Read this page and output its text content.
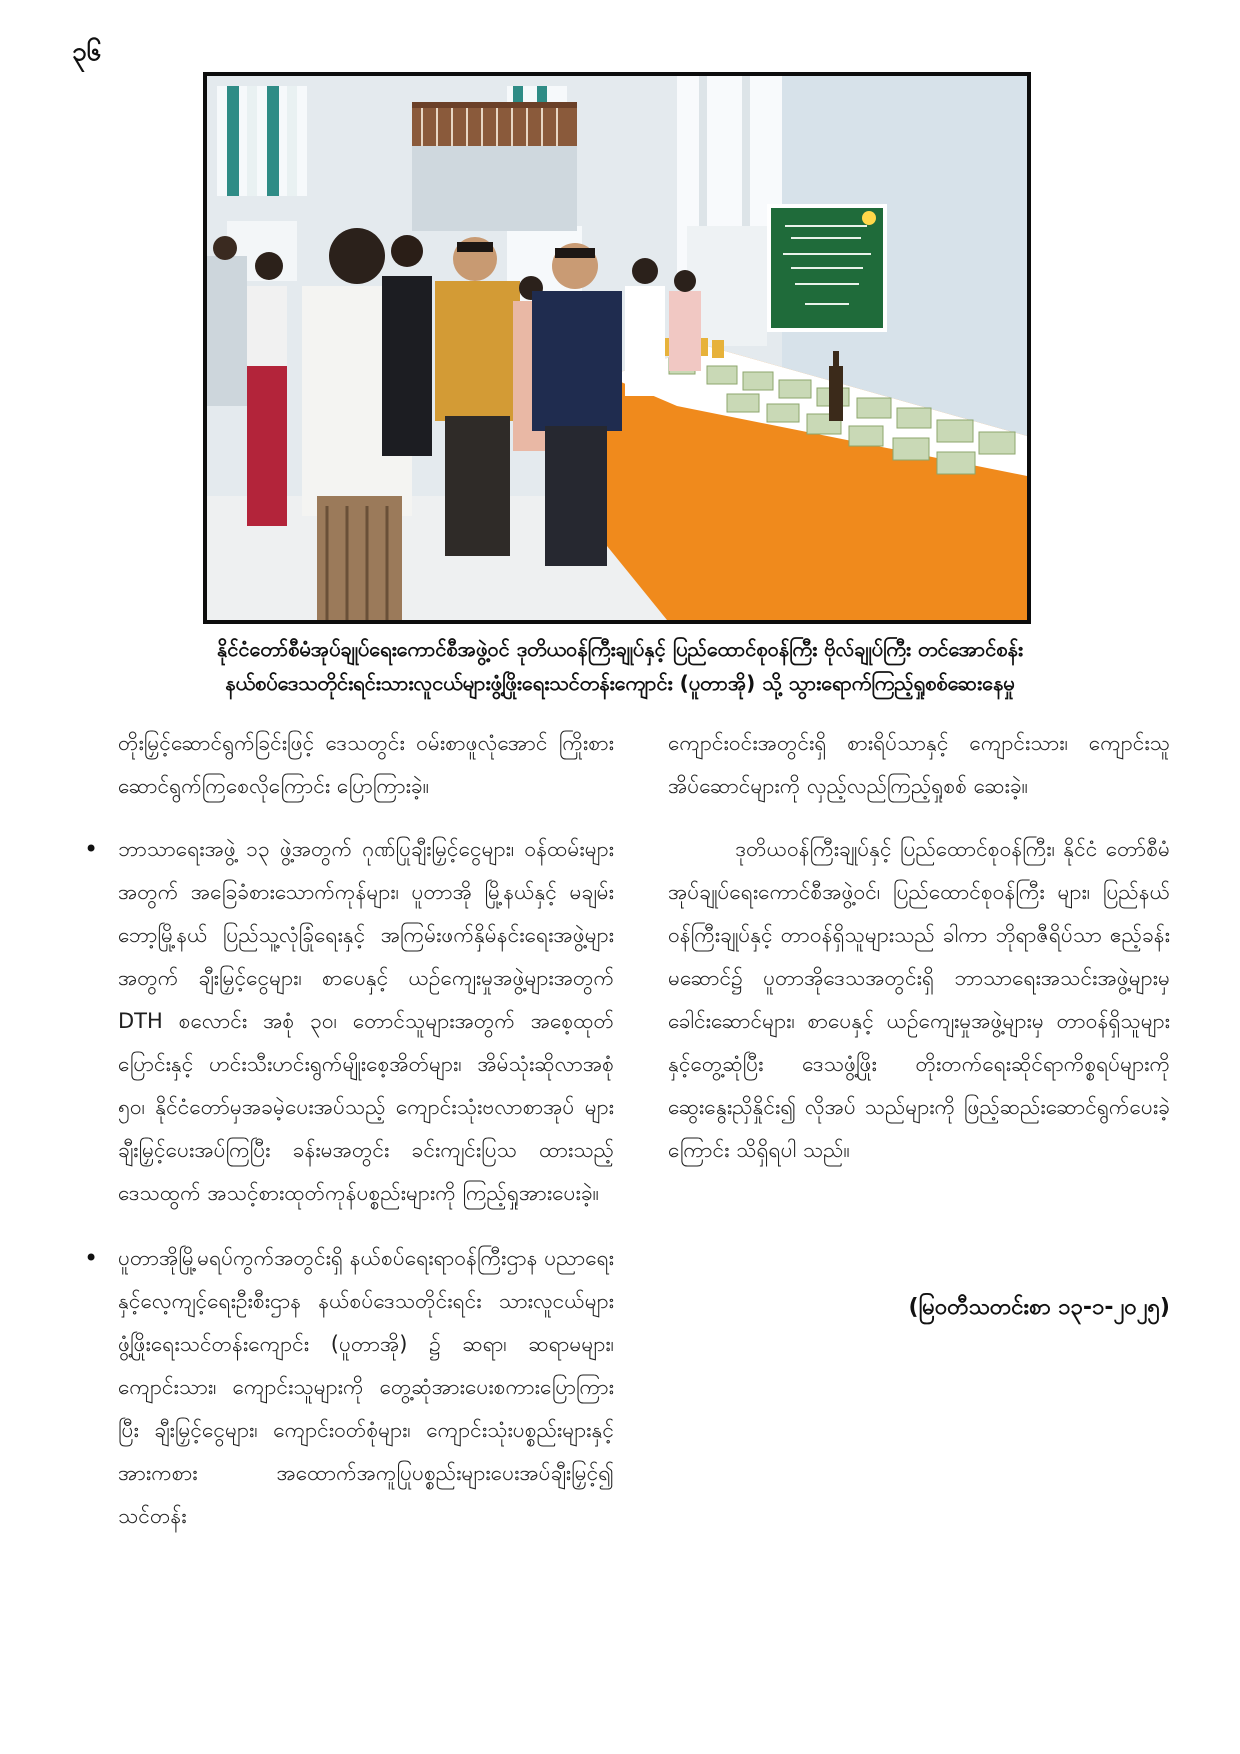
၃၆
နိုင်ငံတော်စီမံအုပ်ချုပ်ရေးကောင်စီအဖွဲ့ဝင် ဒုတိယဝန်ကြီးချုပ်နှင့် ပြည်ထောင်စုဝန်ကြီး ဗိုလ်ချုပ်ကြီး တင်အောင်စန်း
နယ်စပ်ဒေသတိုင်းရင်းသားလူငယ်များဖွံ့ဖြိုးရေးသင်တန်းကျောင်း (ပူတာအို) သို့ သွားရောက်ကြည့်ရှုစစ်ဆေးနေမှု

တိုးမြှင့်ဆောင်ရွက်ခြင်းဖြင့် ဒေသတွင်း ဝမ်းစာဖူလုံအောင် ကြိုးစားဆောင်ရွက်ကြစေလိုကြောင်း ပြောကြားခဲ့။

• ဘာသာရေးအဖွဲ့ ၁၃ ဖွဲ့အတွက် ဂုဏ်ပြုချီးမြှင့်ငွေများ၊ ဝန်ထမ်းများအတွက် အခြေခံစားသောက်ကုန်များ၊ ပူတာအို မြို့နယ်နှင့် မချမ်းဘော့မြို့နယ် ပြည်သူ့လုံခြုံရေးနှင့် အကြမ်းဖက်နှိမ်နင်းရေးအဖွဲ့များအတွက် ချီးမြှင့်ငွေများ၊ စာပေနှင့် ယဉ်ကျေးမှုအဖွဲ့များအတွက် DTH စလောင်း အစုံ ၃၀၊ တောင်သူများအတွက် အစေ့ထုတ်ပြောင်းနှင့် ဟင်းသီးဟင်းရွက်မျိုးစေ့အိတ်များ၊ အိမ်သုံးဆိုလာအစုံ ၅၀၊ နိုင်ငံတော်မှအခမဲ့ပေးအပ်သည့် ကျောင်းသုံးဗလာစာအုပ် များချီးမြှင့်ပေးအပ်ကြပြီး ခန်းမအတွင်း ခင်းကျင်းပြသ ထားသည့် ဒေသထွက် အသင့်စားထုတ်ကုန်ပစ္စည်းများကို ကြည့်ရှုအားပေးခဲ့။
• ပူတာအိုမြို့မရပ်ကွက်အတွင်းရှိ နယ်စပ်ရေးရာဝန်ကြီးဌာန ပညာရေးနှင့်လေ့ကျင့်ရေးဦးစီးဌာန နယ်စပ်ဒေသတိုင်းရင်း သားလူငယ်များဖွံ့ဖြိုးရေးသင်တန်းကျောင်း (ပူတာအို) ၌ ဆရာ၊ ဆရာမများ၊ ကျောင်းသား၊ ကျောင်းသူများကို တွေ့ဆုံအားပေးစကားပြောကြားပြီး ချီးမြှင့်ငွေများ၊ ကျောင်းဝတ်စုံများ၊ ကျောင်းသုံးပစ္စည်းများနှင့် အားကစား အထောက်အကူပြုပစ္စည်းများပေးအပ်ချီးမြှင့်၍ သင်တန်း

ကျောင်းဝင်းအတွင်းရှိ စားရိပ်သာနှင့် ကျောင်းသား၊ ကျောင်းသူအိပ်ဆောင်များကို လှည့်လည်ကြည့်ရှုစစ် ဆေးခဲ့။

ဒုတိယဝန်ကြီးချုပ်နှင့် ပြည်ထောင်စုဝန်ကြီး၊ နိုင်ငံ တော်စီမံအုပ်ချုပ်ရေးကောင်စီအဖွဲ့ဝင်၊ ပြည်ထောင်စုဝန်ကြီး များ၊ ပြည်နယ်ဝန်ကြီးချုပ်နှင့် တာဝန်ရှိသူများသည် ခါကာ ဘိုရာဇီရိပ်သာ ဧည့်ခန်းမဆောင်၌ ပူတာအိုဒေသအတွင်းရှိ ဘာသာရေးအသင်းအဖွဲ့များမှ ခေါင်းဆောင်များ၊ စာပေနှင့် ယဉ်ကျေးမှုအဖွဲ့များမှ တာဝန်ရှိသူများနှင့်တွေ့ဆုံပြီး ဒေသဖွံ့ဖြိုး တိုးတက်ရေးဆိုင်ရာကိစ္စရပ်များကို ဆွေးနွေးညှိနှိုင်း၍ လိုအပ် သည်များကို ဖြည့်ဆည်းဆောင်ရွက်ပေးခဲ့ကြောင်း သိရှိရပါ သည်။

(မြဝတီသတင်းစာ ၁၃-၁-၂၀၂၅)
